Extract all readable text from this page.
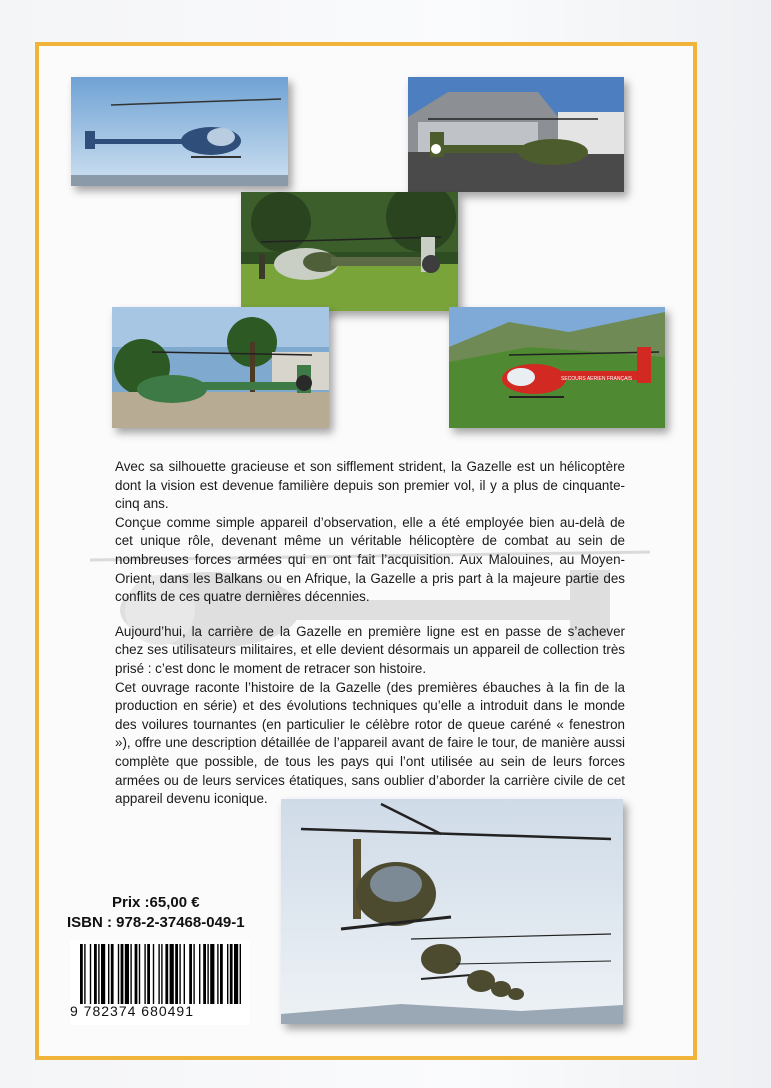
SECOURS AERIEN FRANÇAIS

Avec sa silhouette gracieuse et son sifflement strident, la Gazelle est un hélicoptère dont la vision est devenue familière depuis son premier vol, il y a plus de cinquante-cinq ans.

Conçue comme simple appareil d’observation, elle a été employée bien au-delà de cet unique rôle, devenant même un véritable hélicoptère de combat au sein de nombreuses forces armées qui en ont fait l’acquisition. Aux Malouines, au Moyen-Orient, dans les Balkans ou en Afrique, la Gazelle a pris part à la majeure partie des conflits de ces quatre dernières décennies.

Aujourd’hui, la carrière de la Gazelle en première ligne est en passe de s’achever chez ses utilisateurs militaires, et elle devient désormais un appareil de collection très prisé : c’est donc le moment de retracer son histoire.

Cet ouvrage raconte l’histoire de la Gazelle (des premières ébauches à la fin de la production en série) et des évolutions techniques qu’elle a introduit dans le monde des voilures tournantes (en particulier le célèbre rotor de queue caréné « fenestron »), offre une description détaillée de l’appareil avant de faire le tour, de manière aussi complète que possible, de tous les pays qui l’ont utilisée au sein de leurs forces armées ou de leurs services étatiques, sans oublier d’aborder la carrière civile de cet appareil devenu iconique.

Prix :65,00 €
ISBN : 978-2-37468-049-1
9 782374 680491
